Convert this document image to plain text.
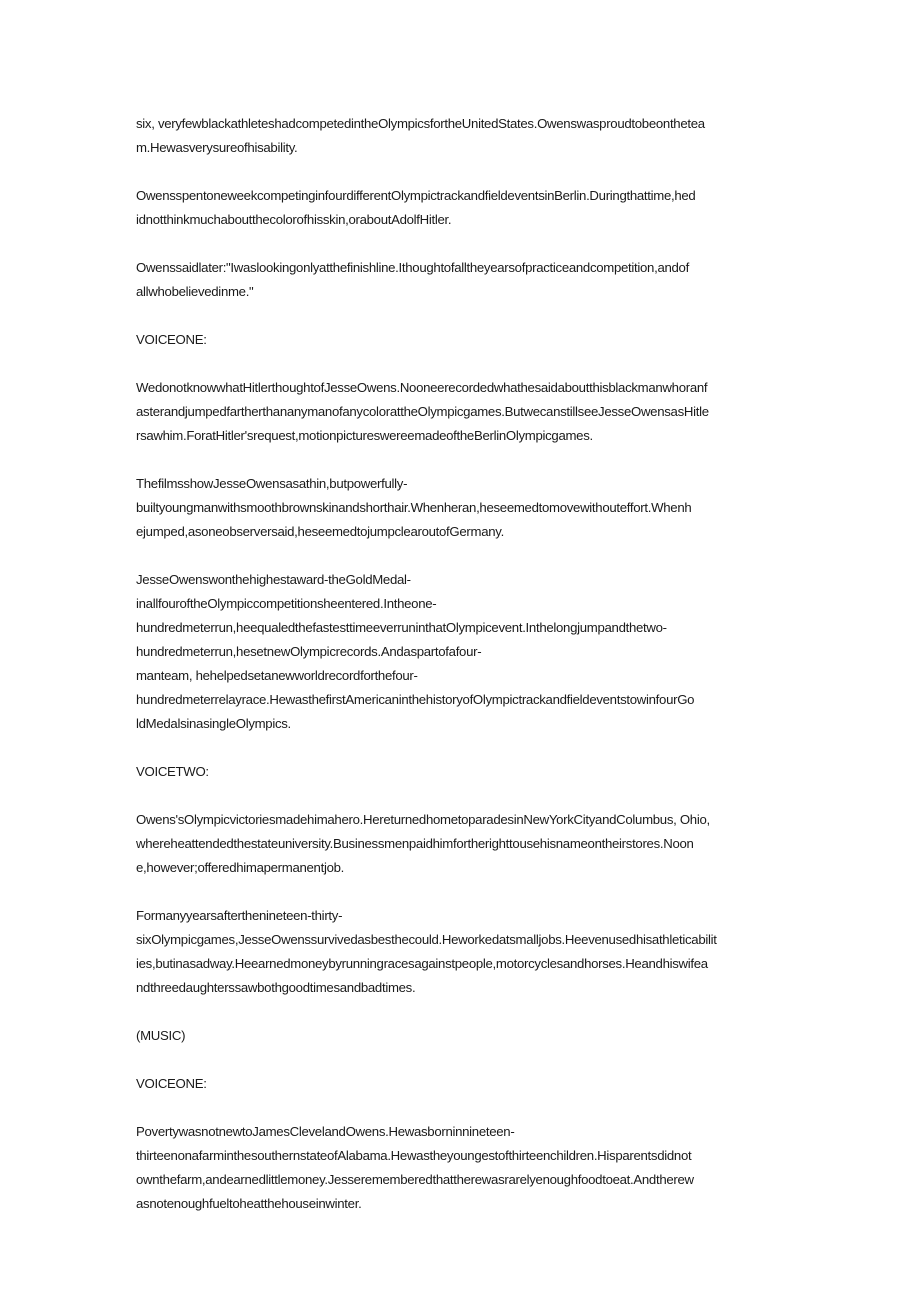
six, veryfewblackathleteshadcompetedintheOlympicsfortheUnitedStates.Owenswasproudtobeonthetea
m.Hewasverysureofhisability.
OwensspentoneweekcompetinginfourdifferentOlympictrackandfieldeventsinBerlin.Duringthattime,hed
idnotthinkmuchaboutthecolorofhisskin,oraboutAdolfHitler.
Owenssaidlater:"Iwaslookingonlyatthefinishline.Ithoughtofalltheyearsofpracticeandcompetition,andof
allwhobelievedinme."
VOICEONE:
WedonotknowwhatHitlerthoughtofJesseOwens.Nooneerecordedwhathesaidaboutthisblackmanwhoranf
asterandjumpedfartherthananymanofanycolorattheOlympicgames.ButwecanstillseeJesseOwensasHitle
rsawhim.ForatHitler'srequest,motionpictureswereemadeoftheBerlinOlympicgames.
ThefilmsshowJesseOwensasathin,butpowerfully-
builtyoungmanwithsmoothbrownskinandshorthair.Whenheran,heseemedtomovewithouteffort.Whenh
ejumped,asoneobserversaid,heseemedtojumpclearoutofGermany.
JesseOwenswonthehighestaward-theGoldMedal-
inallfouroftheOlympiccompetitionsheentered.Intheone-
hundredmeterrun,heequaledthefastesttimeeverruninthatOlympicevent.Inthelongjumpandthetwo-
hundredmeterrun,hesetnewOlympicrecords.Andaspartofafour-
manteam, hehelpedsetanewworldrecordforthefour-
hundredmeterrelayrace.HewasthefirstAmericaninthehistoryofOlympictrackandfieldeventstowinfourGo
ldMedalsinasingleOlympics.
VOICETWO:
Owens'sOlympicvictoriesmadehimahero.HereturnedhometoparadesinNewYorkCityandColumbus, Ohio,
whereheattendedthestateuniversity.Businessmenpaidhimfortherighttousehisnameontheirstores.Noon
e,however;offeredhimapermanentjob.
Formanyyearsafterthenineteen-thirty-
sixOlympicgames,JesseOwenssurvivedasbesthecould.Heworkedatsmalljobs.Heevenusedhisathleticabilit
ies,butinasadway.Heearnedmoneybyrunningracesagainstpeople,motorcyclesandhorses.Heandhiswifea
ndthreedaughterssawbothgoodtimesandbadtimes.
(MUSIC)
VOICEONE:
PovertywasnotnewtoJamesClevelandOwens.Hewasborninnineteen-
thirteenonafarminthesouthernstateofAlabama.Hewastheyoungestofthirteenchildren.Hisparentsdidnot
ownthefarm,andearnedlittlemoney.Jesserememberedthattherewasrarelyenoughfoodtoeat.Andtherew
asnotenoughfueltoheatthehouseinwinter.
